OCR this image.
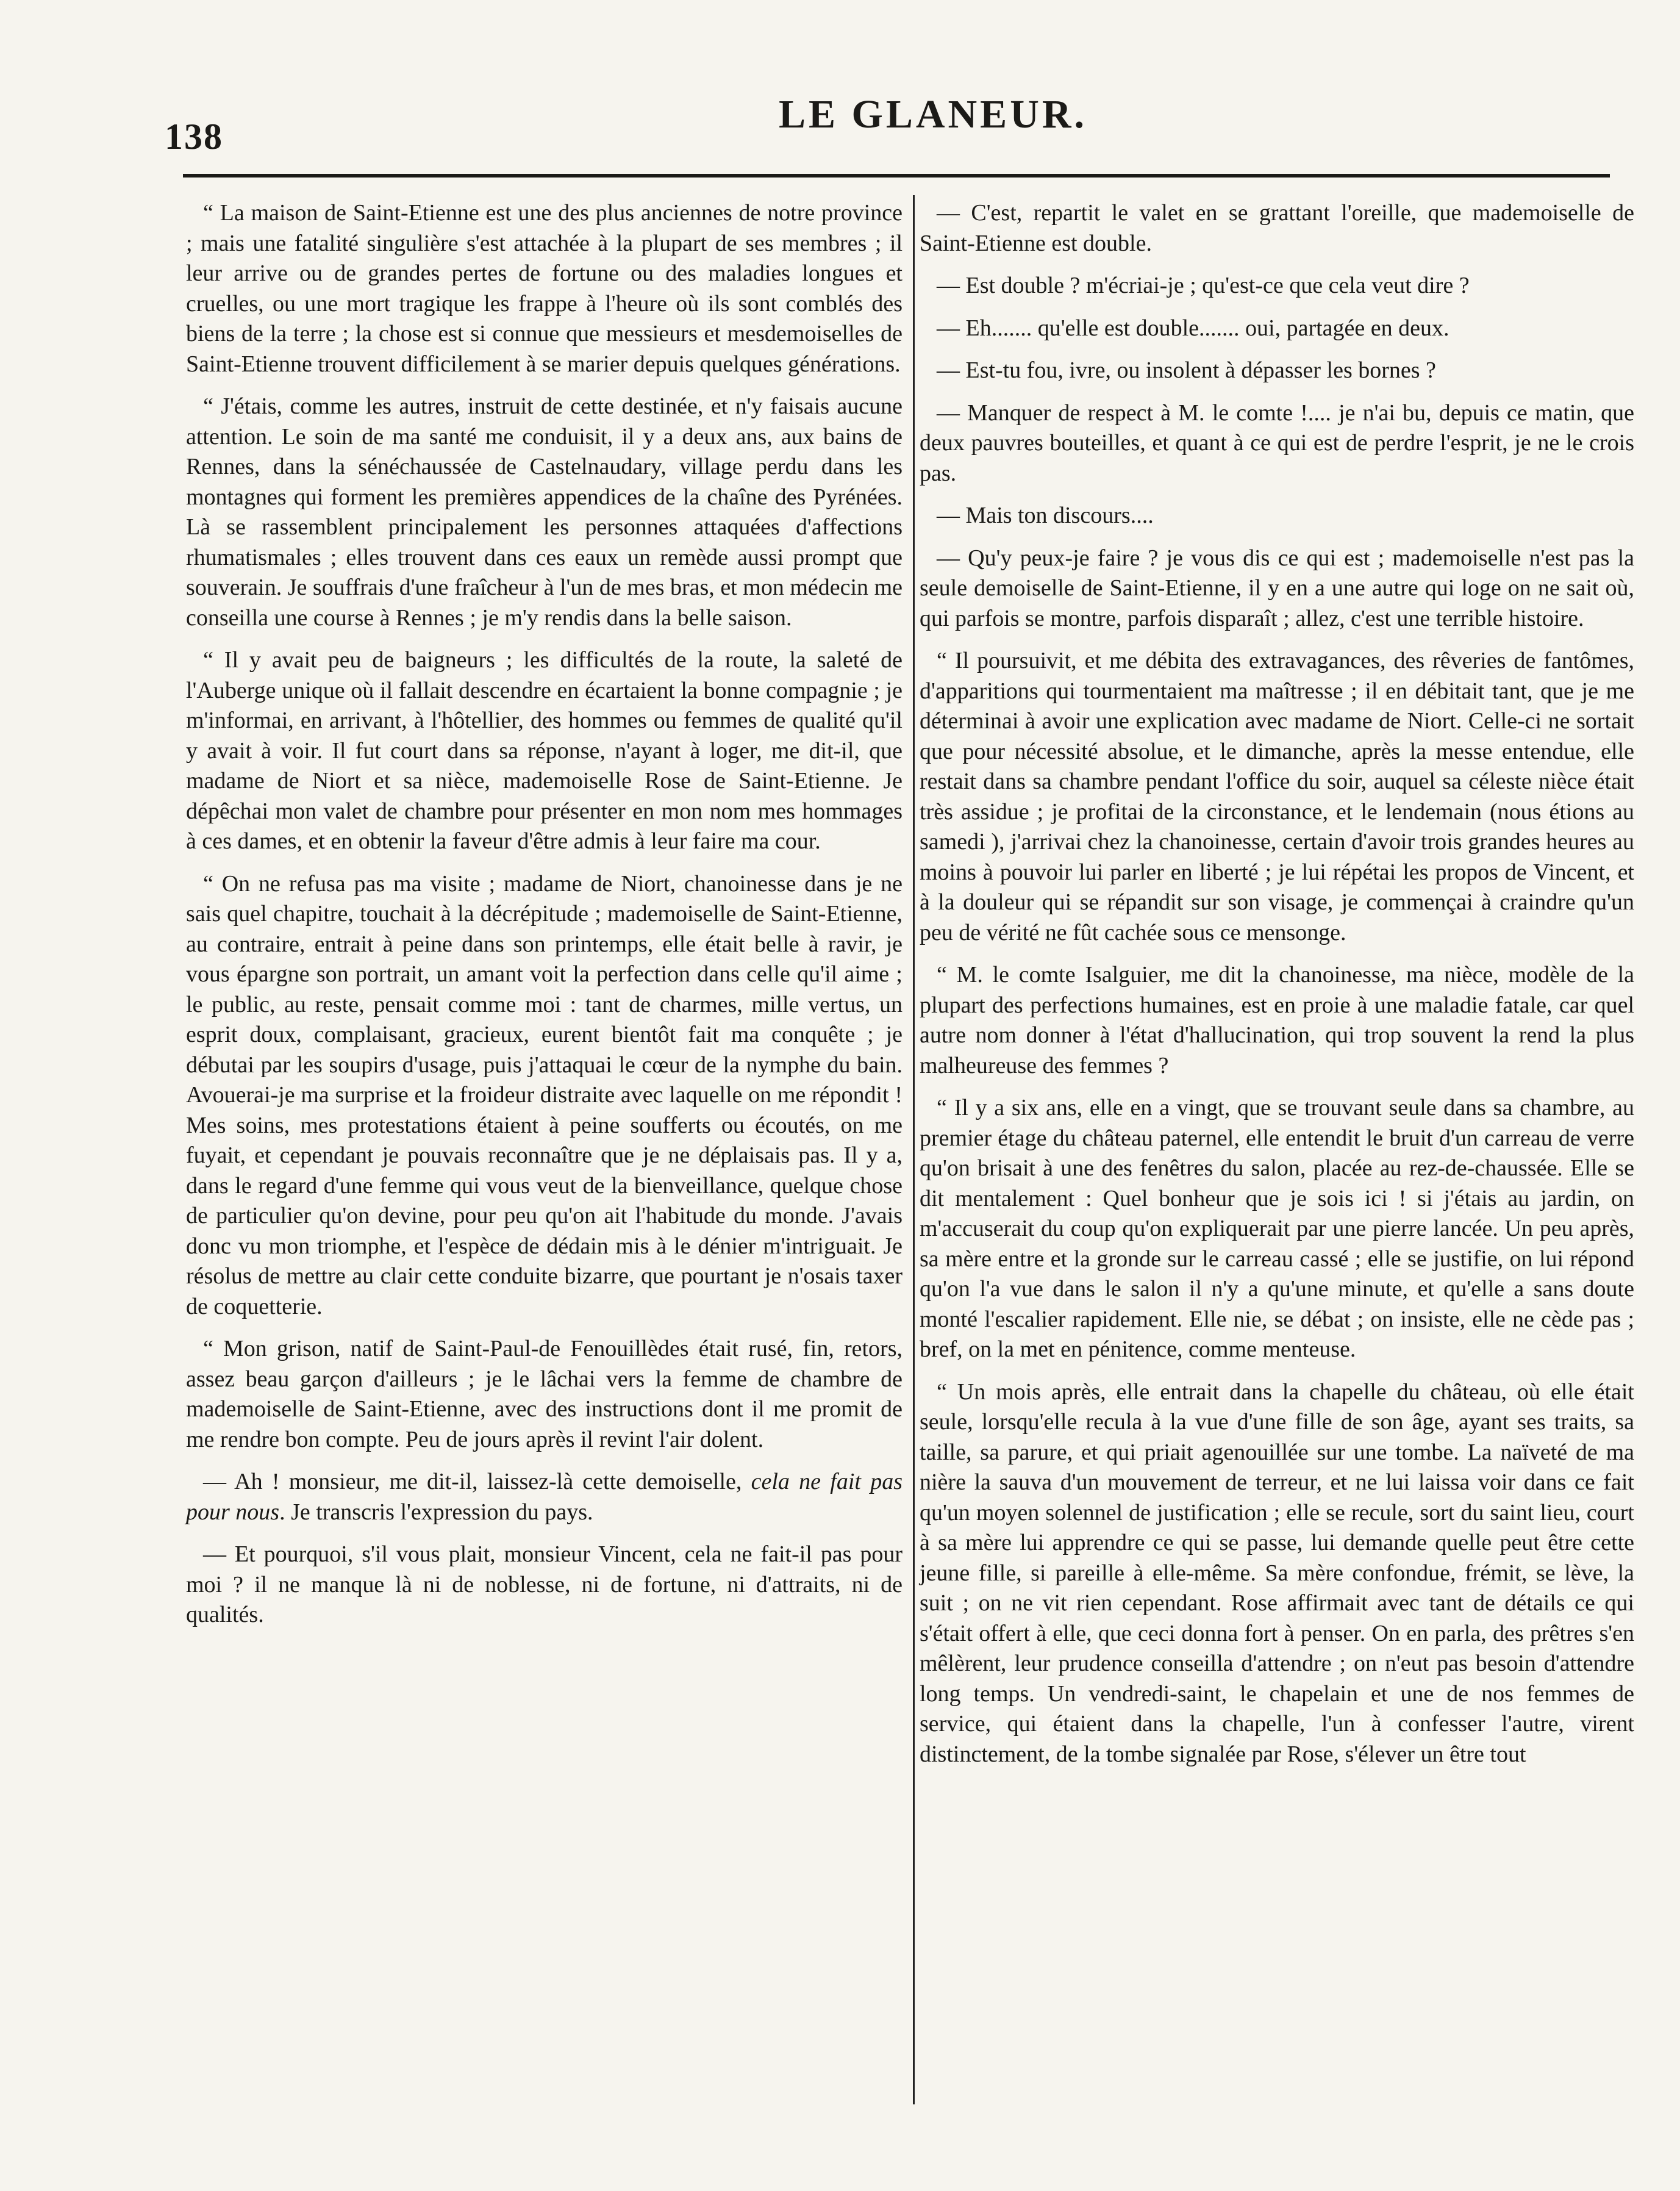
138	LE GLANEUR.

“ La maison de Saint-Etienne est une des plus anciennes de notre province ; mais une fatalité singulière s'est attachée à la plupart de ses membres ; il leur arrive ou de grandes pertes de fortune ou des maladies longues et cruelles, ou une mort tragique les frappe à l'heure où ils sont comblés des biens de la terre ; la chose est si connue que messieurs et mesdemoiselles de Saint-Etienne trouvent difficilement à se marier depuis quelques générations.

“ J'étais, comme les autres, instruit de cette destinée, et n'y faisais aucune attention. Le soin de ma santé me conduisit, il y a deux ans, aux bains de Rennes, dans la sénéchaussée de Castelnaudary, village perdu dans les montagnes qui forment les premières appendices de la chaîne des Pyrénées. Là se rassemblent principalement les personnes attaquées d'affections rhumatismales ; elles trouvent dans ces eaux un remède aussi prompt que souverain. Je souffrais d'une fraîcheur à l'un de mes bras, et mon médecin me conseilla une course à Rennes ; je m'y rendis dans la belle saison.

“ Il y avait peu de baigneurs ; les difficultés de la route, la saleté de l'Auberge unique où il fallait descendre en écartaient la bonne compagnie ; je m'informai, en arrivant, à l'hôtellier, des hommes ou femmes de qualité qu'il y avait à voir. Il fut court dans sa réponse, n'ayant à loger, me dit-il, que madame de Niort et sa nièce, mademoiselle Rose de Saint-Etienne. Je dépêchai mon valet de chambre pour présenter en mon nom mes hommages à ces dames, et en obtenir la faveur d'être admis à leur faire ma cour.

“ On ne refusa pas ma visite ; madame de Niort, chanoinesse dans je ne sais quel chapitre, touchait à la décrépitude ; mademoiselle de Saint-Etienne, au contraire, entrait à peine dans son printemps, elle était belle à ravir, je vous épargne son portrait, un amant voit la perfection dans celle qu'il aime ; le public, au reste, pensait comme moi : tant de charmes, mille vertus, un esprit doux, complaisant, gracieux, eurent bientôt fait ma conquête ; je débutai par les soupirs d'usage, puis j'attaquai le cœur de la nymphe du bain. Avouerai-je ma surprise et la froideur distraite avec laquelle on me répondit ! Mes soins, mes protestations étaient à peine soufferts ou écoutés, on me fuyait, et cependant je pouvais reconnaître que je ne déplaisais pas. Il y a, dans le regard d'une femme qui vous veut de la bienveillance, quelque chose de particulier qu'on devine, pour peu qu'on ait l'habitude du monde. J'avais donc vu mon triomphe, et l'espèce de dédain mis à le dénier m'intriguait. Je résolus de mettre au clair cette conduite bizarre, que pourtant je n'osais taxer de coquetterie.

“ Mon grison, natif de Saint-Paul-de Fenouillèdes était rusé, fin, retors, assez beau garçon d'ailleurs ; je le lâchai vers la femme de chambre de mademoiselle de Saint-Etienne, avec des instructions dont il me promit de me rendre bon compte. Peu de jours après il revint l'air dolent.

— Ah ! monsieur, me dit-il, laissez-là cette demoiselle, cela ne fait pas pour nous. Je transcris l'expression du pays.

— Et pourquoi, s'il vous plait, monsieur Vincent, cela ne fait-il pas pour moi ? il ne manque là ni de noblesse, ni de fortune, ni d'attraits, ni de qualités.

— C'est, repartit le valet en se grattant l'oreille, que mademoiselle de Saint-Etienne est double.

— Est double ? m'écriai-je ; qu'est-ce que cela veut dire ?

— Eh....... qu'elle est double....... oui, partagée en deux.

— Est-tu fou, ivre, ou insolent à dépasser les bornes ?

— Manquer de respect à M. le comte !.... je n'ai bu, depuis ce matin, que deux pauvres bouteilles, et quant à ce qui est de perdre l'esprit, je ne le crois pas.

— Mais ton discours....

— Qu'y peux-je faire ? je vous dis ce qui est ; mademoiselle n'est pas la seule demoiselle de Saint-Etienne, il y en a une autre qui loge on ne sait où, qui parfois se montre, parfois disparaît ; allez, c'est une terrible histoire.

“ Il poursuivit, et me débita des extravagances, des rêveries de fantômes, d'apparitions qui tourmentaient ma maîtresse ; il en débitait tant, que je me déterminai à avoir une explication avec madame de Niort. Celle-ci ne sortait que pour nécessité absolue, et le dimanche, après la messe entendue, elle restait dans sa chambre pendant l'office du soir, auquel sa céleste nièce était très assidue ; je profitai de la circonstance, et le lendemain (nous étions au samedi ), j'arrivai chez la chanoinesse, certain d'avoir trois grandes heures au moins à pouvoir lui parler en liberté ; je lui répétai les propos de Vincent, et à la douleur qui se répandit sur son visage, je commençai à craindre qu'un peu de vérité ne fût cachée sous ce mensonge.

“ M. le comte Isalguier, me dit la chanoinesse, ma nièce, modèle de la plupart des perfections humaines, est en proie à une maladie fatale, car quel autre nom donner à l'état d'hallucination, qui trop souvent la rend la plus malheureuse des femmes ?

“ Il y a six ans, elle en a vingt, que se trouvant seule dans sa chambre, au premier étage du château paternel, elle entendit le bruit d'un carreau de verre qu'on brisait à une des fenêtres du salon, placée au rez-de-chaussée. Elle se dit mentalement : Quel bonheur que je sois ici ! si j'étais au jardin, on m'accuserait du coup qu'on expliquerait par une pierre lancée. Un peu après, sa mère entre et la gronde sur le carreau cassé ; elle se justifie, on lui répond qu'on l'a vue dans le salon il n'y a qu'une minute, et qu'elle a sans doute monté l'escalier rapidement. Elle nie, se débat ; on insiste, elle ne cède pas ; bref, on la met en pénitence, comme menteuse.

“ Un mois après, elle entrait dans la chapelle du château, où elle était seule, lorsqu'elle recula à la vue d'une fille de son âge, ayant ses traits, sa taille, sa parure, et qui priait agenouillée sur une tombe. La naïveté de ma nière la sauva d'un mouvement de terreur, et ne lui laissa voir dans ce fait qu'un moyen solennel de justification ; elle se recule, sort du saint lieu, court à sa mère lui apprendre ce qui se passe, lui demande quelle peut être cette jeune fille, si pareille à elle-même. Sa mère confondue, frémit, se lève, la suit ; on ne vit rien cependant. Rose affirmait avec tant de détails ce qui s'était offert à elle, que ceci donna fort à penser. On en parla, des prêtres s'en mêlèrent, leur prudence conseilla d'attendre ; on n'eut pas besoin d'attendre long temps. Un vendredi-saint, le chapelain et une de nos femmes de service, qui étaient dans la chapelle, l'un à confesser l'autre, virent distinctement, de la tombe signalée par Rose, s'élever un être tout
